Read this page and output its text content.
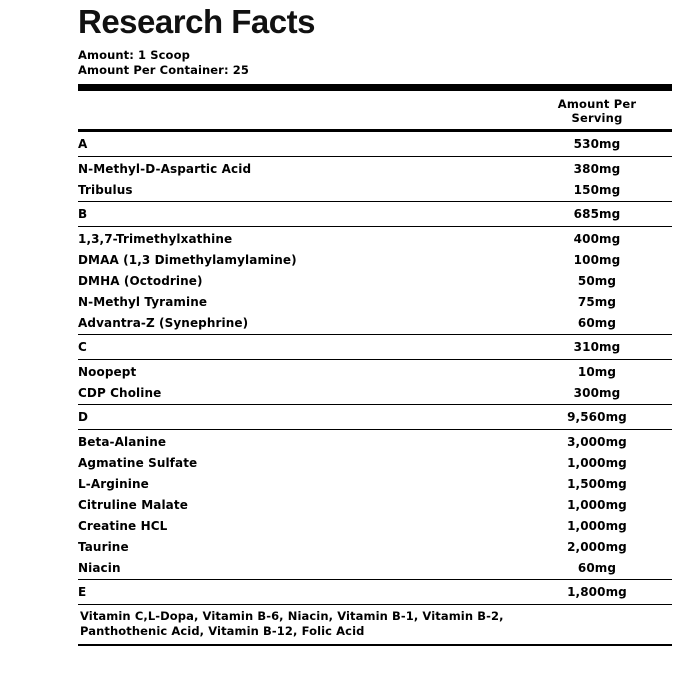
Research Facts
Amount: 1 Scoop
Amount Per Container: 25
Amount Per
Serving
A	530mg
N-Methyl-D-Aspartic Acid	380mg
Tribulus	150mg
B	685mg
1,3,7-Trimethylxathine	400mg
DMAA (1,3 Dimethylamylamine)	100mg
DMHA (Octodrine)	50mg
N-Methyl Tyramine	75mg
Advantra-Z (Synephrine)	60mg
C	310mg
Noopept	10mg
CDP Choline	300mg
D	9,560mg
Beta-Alanine	3,000mg
Agmatine Sulfate	1,000mg
L-Arginine	1,500mg
Citruline Malate	1,000mg
Creatine HCL	1,000mg
Taurine	2,000mg
Niacin	60mg
E	1,800mg
Vitamin C,L-Dopa, Vitamin B-6, Niacin, Vitamin B-1, Vitamin B-2,
Panthothenic Acid, Vitamin B-12, Folic Acid
